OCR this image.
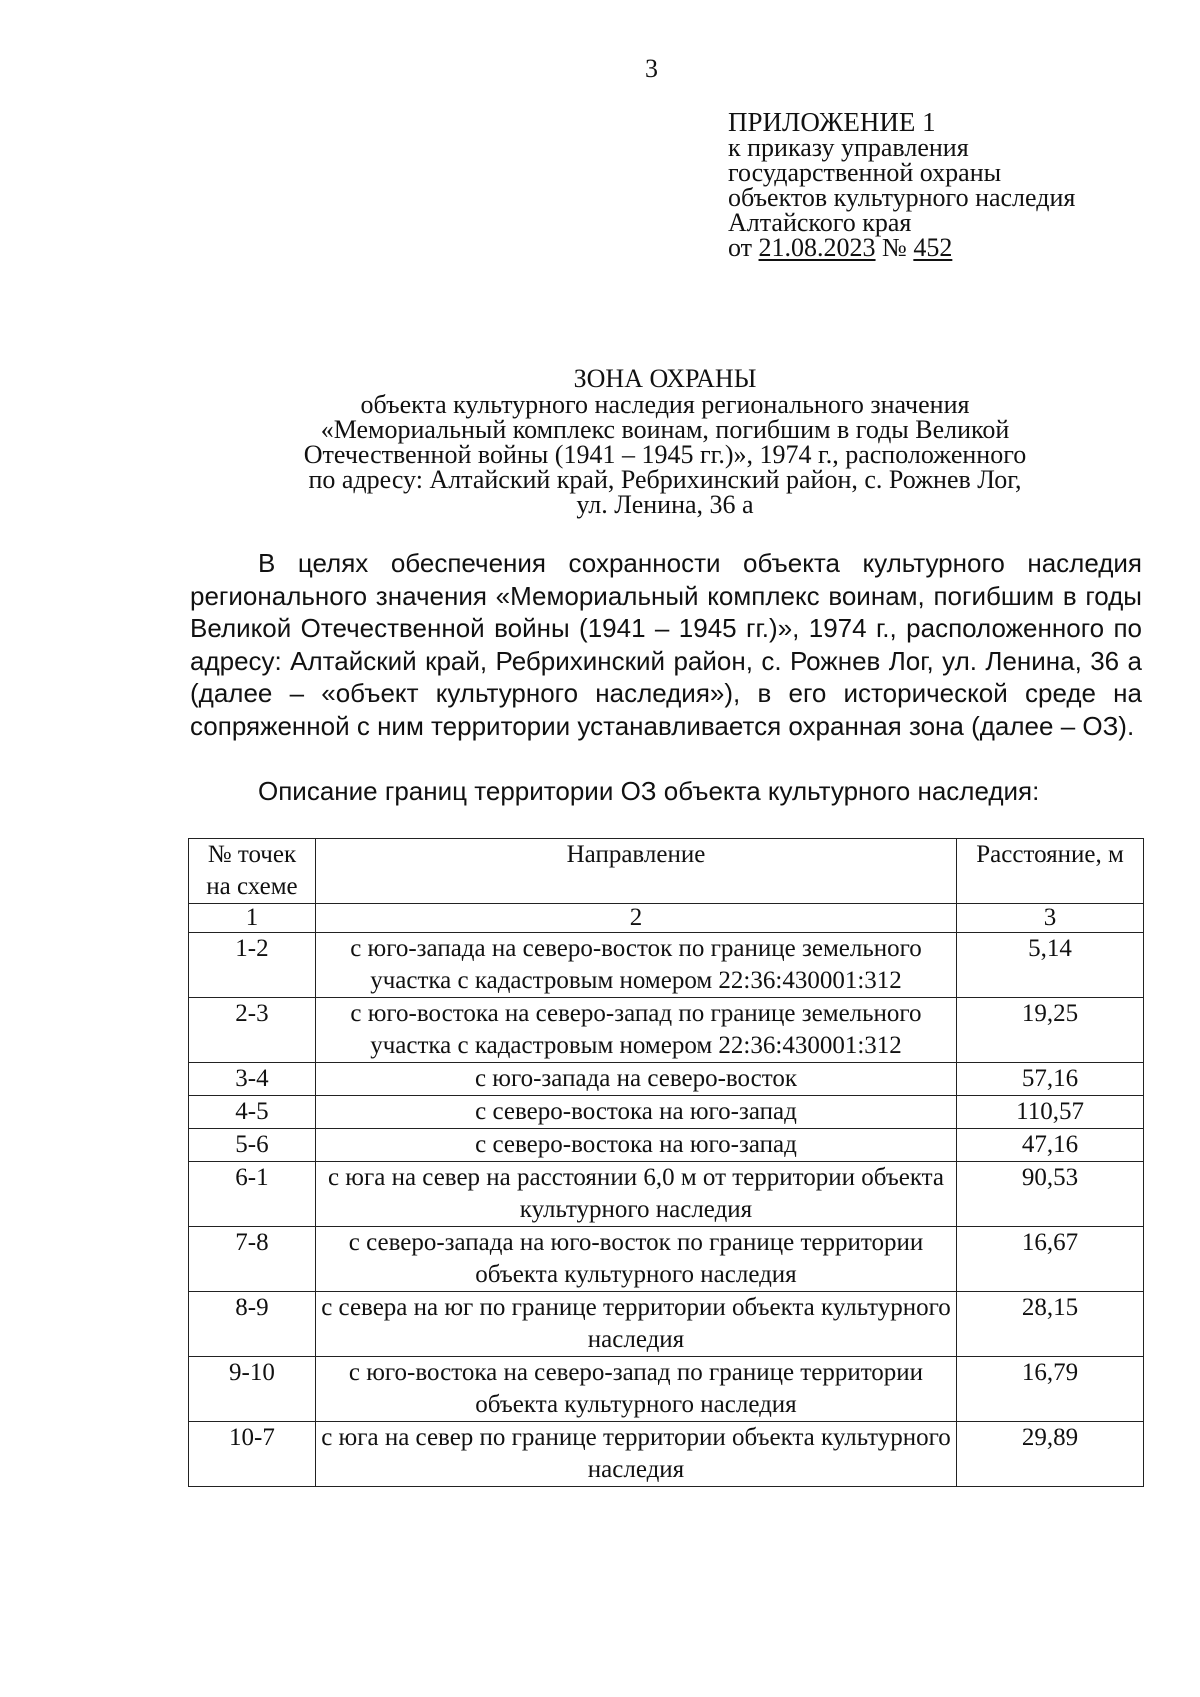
3
ПРИЛОЖЕНИЕ 1
к приказу управления
государственной охраны
объектов культурного наследия
Алтайского края
от 21.08.2023 № 452
ЗОНА ОХРАНЫ
объекта культурного наследия регионального значения
«Мемориальный комплекс воинам, погибшим в годы Великой
Отечественной войны (1941 – 1945 гг.)», 1974 г., расположенного
по адресу: Алтайский край, Ребрихинский район, с. Рожнев Лог,
ул. Ленина, 36 а

В целях обеспечения сохранности объекта культурного наследия регионального значения «Мемориальный комплекс воинам, погибшим в годы Великой Отечественной войны (1941 – 1945 гг.)», 1974 г., расположенного по адресу: Алтайский край, Ребрихинский район, с. Рожнев Лог, ул. Ленина, 36 а (далее – «объект культурного наследия»), в его исторической среде на сопряженной с ним территории устанавливается охранная зона (далее – ОЗ).

Описание границ территории ОЗ объекта культурного наследия:
№ точек на схеме	Направление	Расстояние, м
1	2	3
1-2	с юго-запада на северо-восток по границе земельного участка с кадастровым номером 22:36:430001:312	5,14
2-3	с юго-востока на северо-запад по границе земельного участка с кадастровым номером 22:36:430001:312	19,25
3-4	с юго-запада на северо-восток	57,16
4-5	с северо-востока на юго-запад	110,57
5-6	с северо-востока на юго-запад	47,16
6-1	с юга на север на расстоянии 6,0 м от территории объекта культурного наследия	90,53
7-8	с северо-запада на юго-восток по границе территории объекта культурного наследия	16,67
8-9	с севера на юг по границе территории объекта культурного наследия	28,15
9-10	с юго-востока на северо-запад по границе территории объекта культурного наследия	16,79
10-7	с юга на север по границе территории объекта культурного наследия	29,89
